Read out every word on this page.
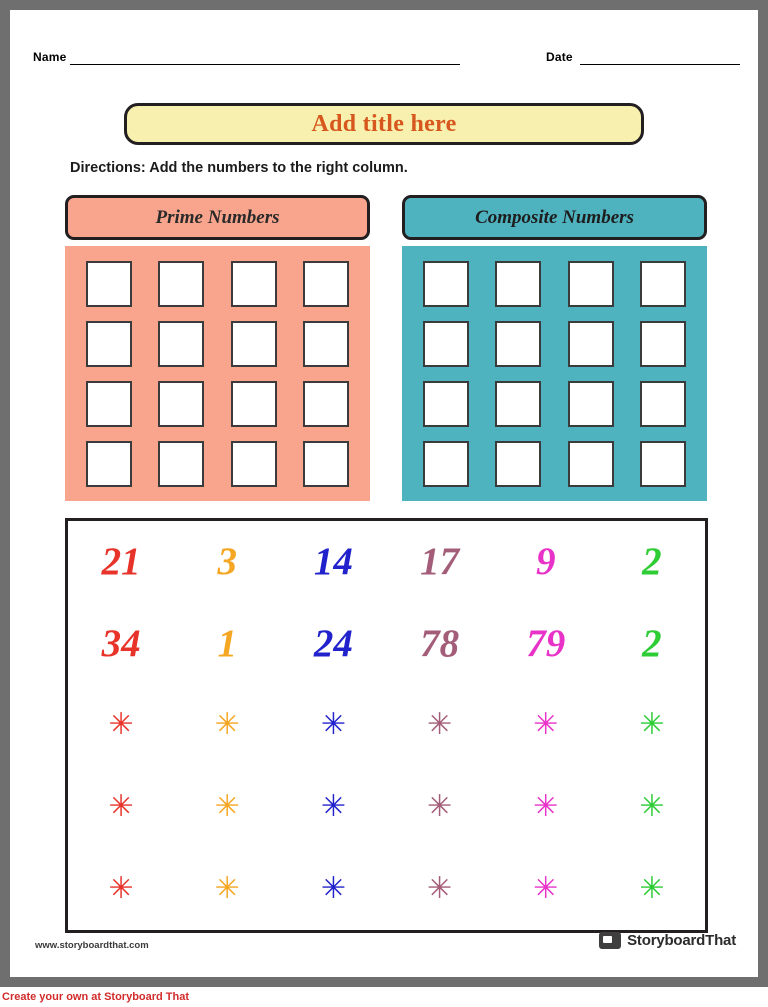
Name	Date
Add title here
Directions: Add the numbers to the right column.
Prime Numbers	Composite Numbers
21 3 14 17 9 2
34 1 24 78 79 2
✳	✳	✳	✳	✳	✳
✳	✳	✳	✳	✳	✳
✳	✳	✳	✳	✳	✳
www.storyboardthat.com	StoryboardThat
Create your own at Storyboard That
